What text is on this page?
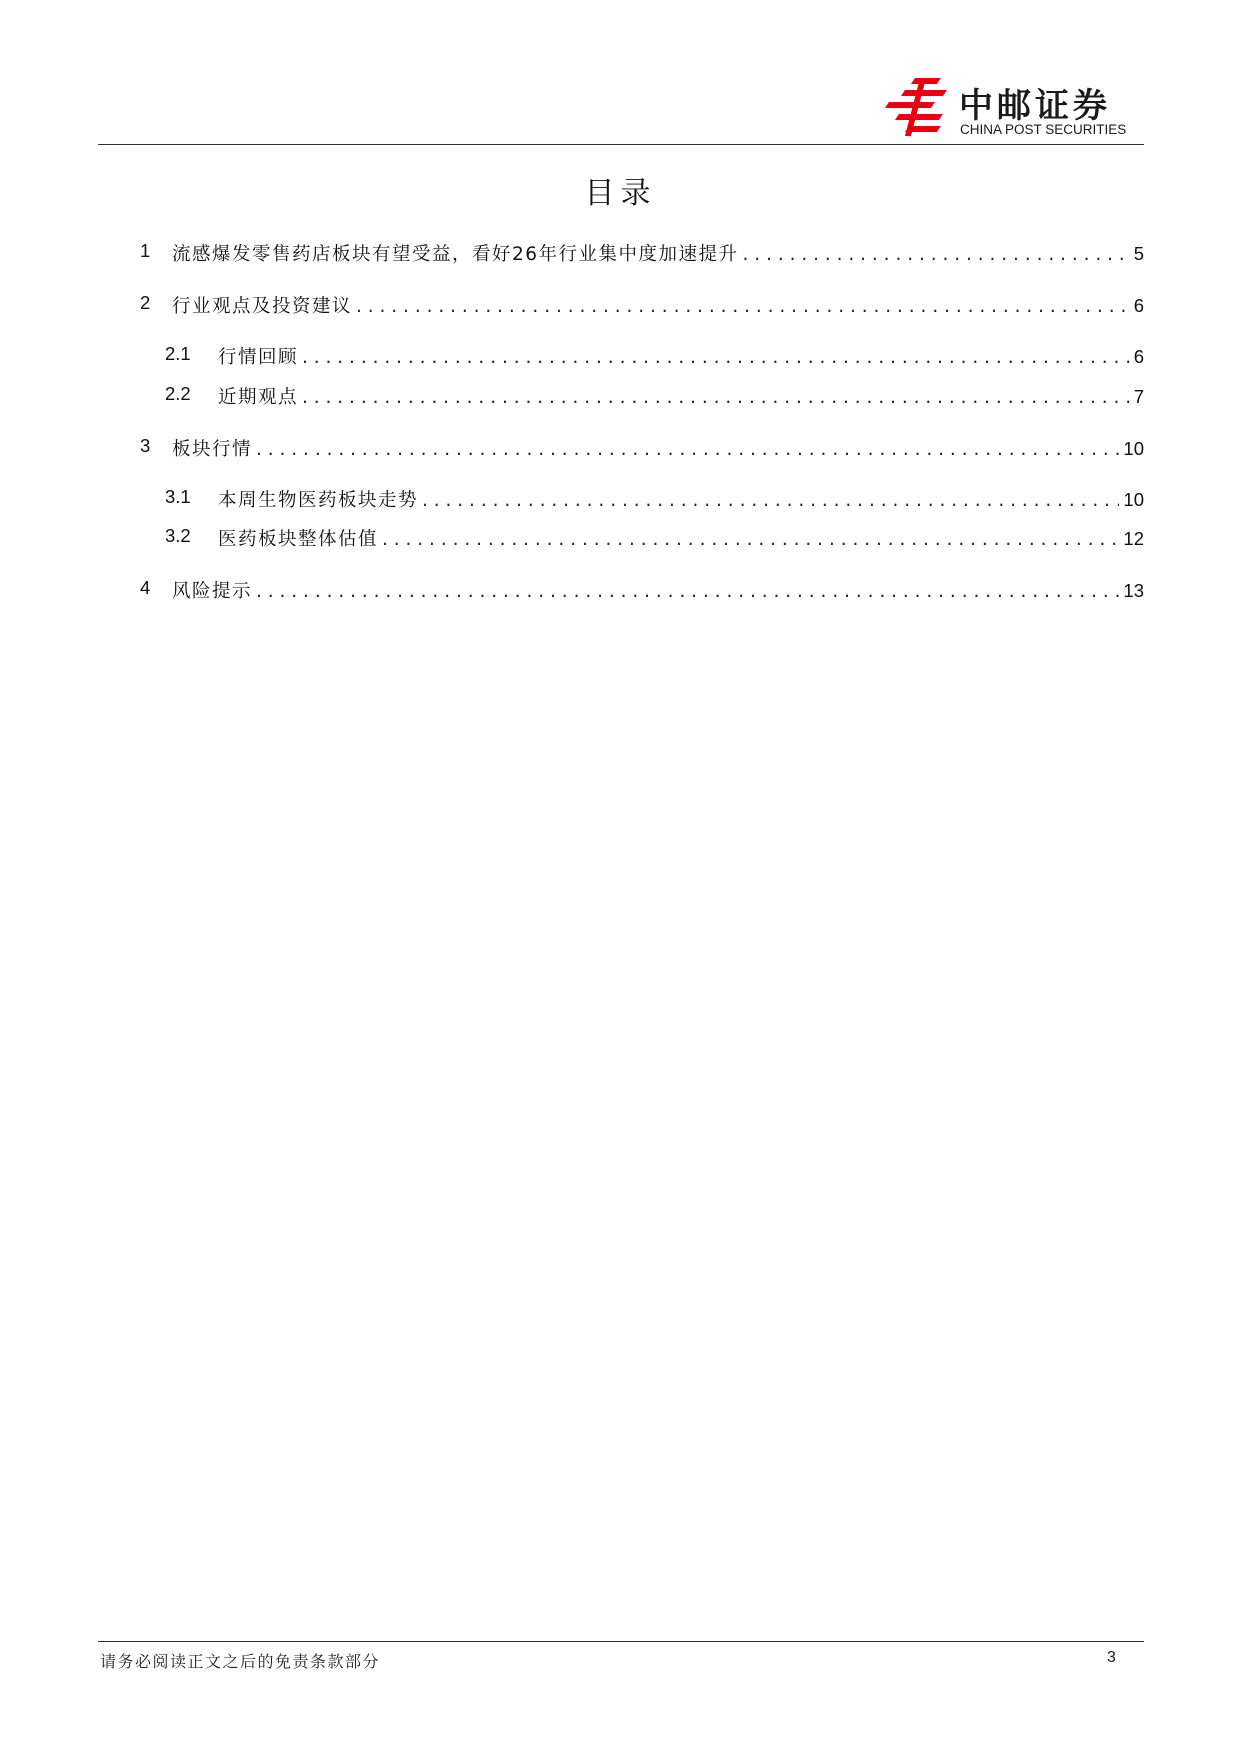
中邮证券
CHINA POST SECURITIES
目录
1 流感爆发零售药店板块有望受益，看好26年行业集中度加速提升 . . .	5
2 行业观点及投资建议 . . .	6
2.1 行情回顾 . . .	6
2.2 近期观点 . . .	7
3 板块行情 . . .	10
3.1 本周生物医药板块走势 . . .	10
3.2 医药板块整体估值 . . .	12
4 风险提示 . . .	13
请务必阅读正文之后的免责条款部分	3
